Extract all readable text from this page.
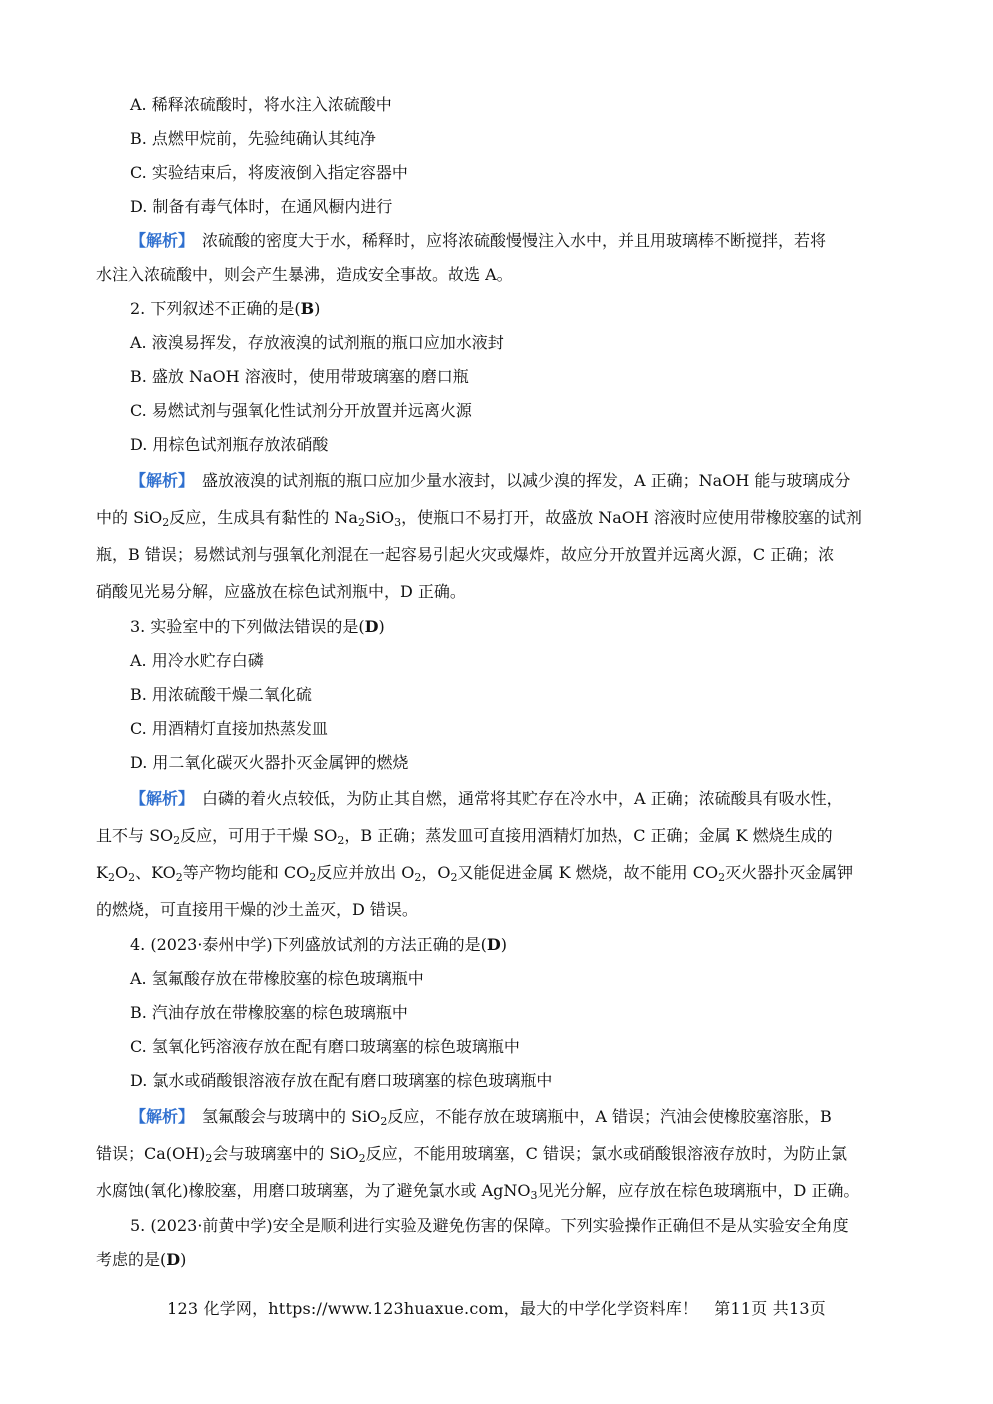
A. 稀释浓硫酸时，将水注入浓硫酸中

B. 点燃甲烷前，先验纯确认其纯净

C. 实验结束后，将废液倒入指定容器中

D. 制备有毒气体时，在通风橱内进行

【解析】 浓硫酸的密度大于水，稀释时，应将浓硫酸慢慢注入水中，并且用玻璃棒不断搅拌，若将

水注入浓硫酸中，则会产生暴沸，造成安全事故。故选 A。

2. 下列叙述不正确的是(B)

A. 液溴易挥发，存放液溴的试剂瓶的瓶口应加水液封

B. 盛放 NaOH 溶液时，使用带玻璃塞的磨口瓶

C. 易燃试剂与强氧化性试剂分开放置并远离火源

D. 用棕色试剂瓶存放浓硝酸

【解析】 盛放液溴的试剂瓶的瓶口应加少量水液封，以减少溴的挥发，A 正确；NaOH 能与玻璃成分

中的 SiO$_2$反应，生成具有黏性的 $Na_2SiO_3$，使瓶口不易打开，故盛放 NaOH 溶液时应使用带橡胶塞的试剂

瓶，B 错误；易燃试剂与强氧化剂混在一起容易引起火灾或爆炸，故应分开放置并远离火源，C 正确；浓

硝酸见光易分解，应盛放在棕色试剂瓶中，D 正确。

3. 实验室中的下列做法错误的是(D)

A. 用冷水贮存白磷

B. 用浓硫酸干燥二氧化硫

C. 用酒精灯直接加热蒸发皿

D. 用二氧化碳灭火器扑灭金属钾的燃烧

【解析】 白磷的着火点较低，为防止其自燃，通常将其贮存在冷水中，A 正确；浓硫酸具有吸水性，

且不与 $SO_2$反应，可用于干燥 $SO_2$，B 正确；蒸发皿可直接用酒精灯加热，C 正确；金属 K 燃烧生成的

$K_2O_2$、$KO_2$等产物均能和 $CO_2$反应并放出 $O_2$，$O_2$又能促进金属 K 燃烧，故不能用 $CO_2$灭火器扑灭金属钾

的燃烧，可直接用干燥的沙土盖灭，D 错误。

4. (2023·泰州中学)下列盛放试剂的方法正确的是(D)

A. 氢氟酸存放在带橡胶塞的棕色玻璃瓶中

B. 汽油存放在带橡胶塞的棕色玻璃瓶中

C. 氢氧化钙溶液存放在配有磨口玻璃塞的棕色玻璃瓶中

D. 氯水或硝酸银溶液存放在配有磨口玻璃塞的棕色玻璃瓶中

【解析】 氢氟酸会与玻璃中的 SiO$_2$反应，不能存放在玻璃瓶中，A 错误；汽油会使橡胶塞溶胀，B

错误；$Ca(OH)_2$会与玻璃塞中的 SiO$_2$反应，不能用玻璃塞，C 错误；氯水或硝酸银溶液存放时，为防止氯

水腐蚀(氧化)橡胶塞，用磨口玻璃塞，为了避免氯水或 AgNO$_3$见光分解，应存放在棕色玻璃瓶中，D 正确。

5. (2023·前黄中学)安全是顺利进行实验及避免伤害的保障。下列实验操作正确但不是从实验安全角度

考虑的是(D)

123 化学网，https://www.123huaxue.com，最大的中学化学资料库！　第11页 共13页
